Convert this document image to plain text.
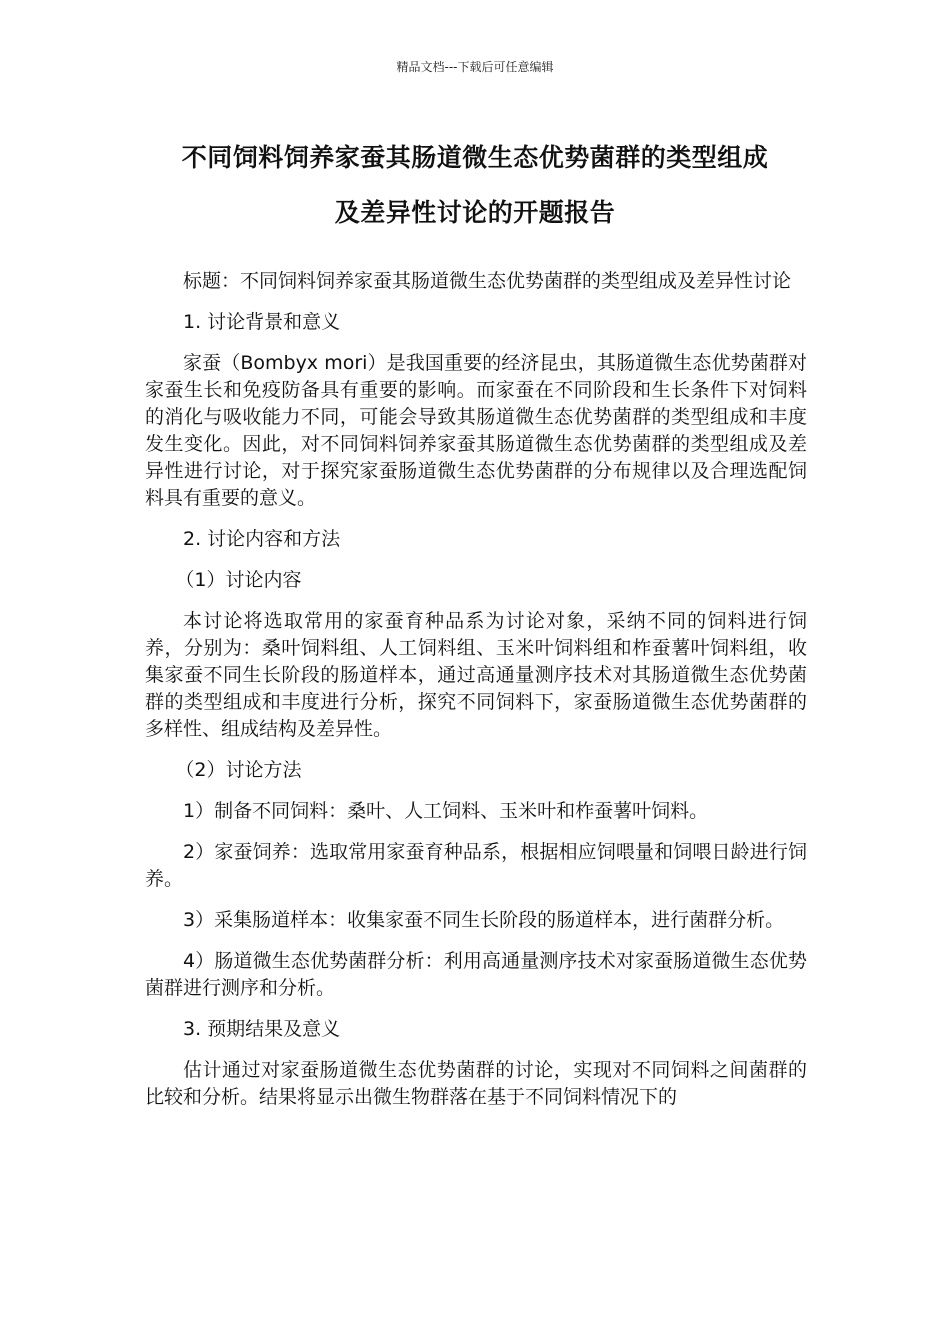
精品文档---下载后可任意编辑
不同饲料饲养家蚕其肠道微生态优势菌群的类型组成
及差异性讨论的开题报告

标题：不同饲料饲养家蚕其肠道微生态优势菌群的类型组成及差异性讨论

1. 讨论背景和意义

家蚕（Bombyx mori）是我国重要的经济昆虫，其肠道微生态优势菌群对家蚕生长和免疫防备具有重要的影响。而家蚕在不同阶段和生长条件下对饲料的消化与吸收能力不同，可能会导致其肠道微生态优势菌群的类型组成和丰度发生变化。因此，对不同饲料饲养家蚕其肠道微生态优势菌群的类型组成及差异性进行讨论，对于探究家蚕肠道微生态优势菌群的分布规律以及合理选配饲料具有重要的意义。

2. 讨论内容和方法

（1）讨论内容

本讨论将选取常用的家蚕育种品系为讨论对象，采纳不同的饲料进行饲养，分别为：桑叶饲料组、人工饲料组、玉米叶饲料组和柞蚕薯叶饲料组，收集家蚕不同生长阶段的肠道样本，通过高通量测序技术对其肠道微生态优势菌群的类型组成和丰度进行分析，探究不同饲料下，家蚕肠道微生态优势菌群的多样性、组成结构及差异性。

（2）讨论方法

1）制备不同饲料：桑叶、人工饲料、玉米叶和柞蚕薯叶饲料。

2）家蚕饲养：选取常用家蚕育种品系，根据相应饲喂量和饲喂日龄进行饲养。

3）采集肠道样本：收集家蚕不同生长阶段的肠道样本，进行菌群分析。

4）肠道微生态优势菌群分析：利用高通量测序技术对家蚕肠道微生态优势菌群进行测序和分析。

3. 预期结果及意义

估计通过对家蚕肠道微生态优势菌群的讨论，实现对不同饲料之间菌群的比较和分析。结果将显示出微生物群落在基于不同饲料情况下的
